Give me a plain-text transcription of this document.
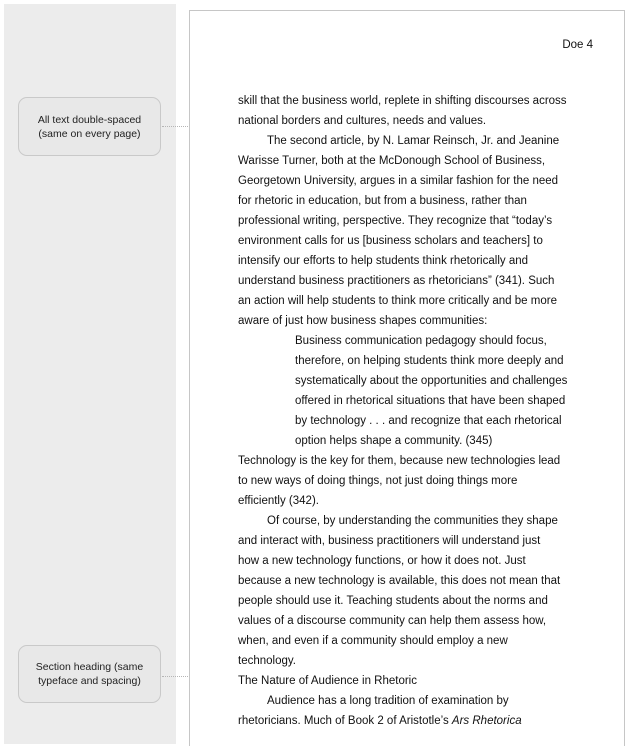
All text double-spaced
(same on every page)
Section heading (same
typeface and spacing)
Doe 4

skill that the business world, replete in shifting discourses across
national borders and cultures, needs and values.

The second article, by N. Lamar Reinsch, Jr. and Jeanine
Warisse Turner, both at the McDonough School of Business,
Georgetown University, argues in a similar fashion for the need
for rhetoric in education, but from a business, rather than
professional writing, perspective. They recognize that “today’s
environment calls for us [business scholars and teachers] to
intensify our efforts to help students think rhetorically and
understand business practitioners as rhetoricians” (341). Such
an action will help students to think more critically and be more
aware of just how business shapes communities:

Business communication pedagogy should focus,
therefore, on helping students think more deeply and
systematically about the opportunities and challenges
offered in rhetorical situations that have been shaped
by technology . . . and recognize that each rhetorical
option helps shape a community. (345)

Technology is the key for them, because new technologies lead
to new ways of doing things, not just doing things more
efficiently (342).

Of course, by understanding the communities they shape
and interact with, business practitioners will understand just
how a new technology functions, or how it does not. Just
because a new technology is available, this does not mean that
people should use it. Teaching students about the norms and
values of a discourse community can help them assess how,
when, and even if a community should employ a new
technology.

The Nature of Audience in Rhetoric

Audience has a long tradition of examination by
rhetoricians. Much of Book 2 of Aristotle’s Ars Rhetorica
